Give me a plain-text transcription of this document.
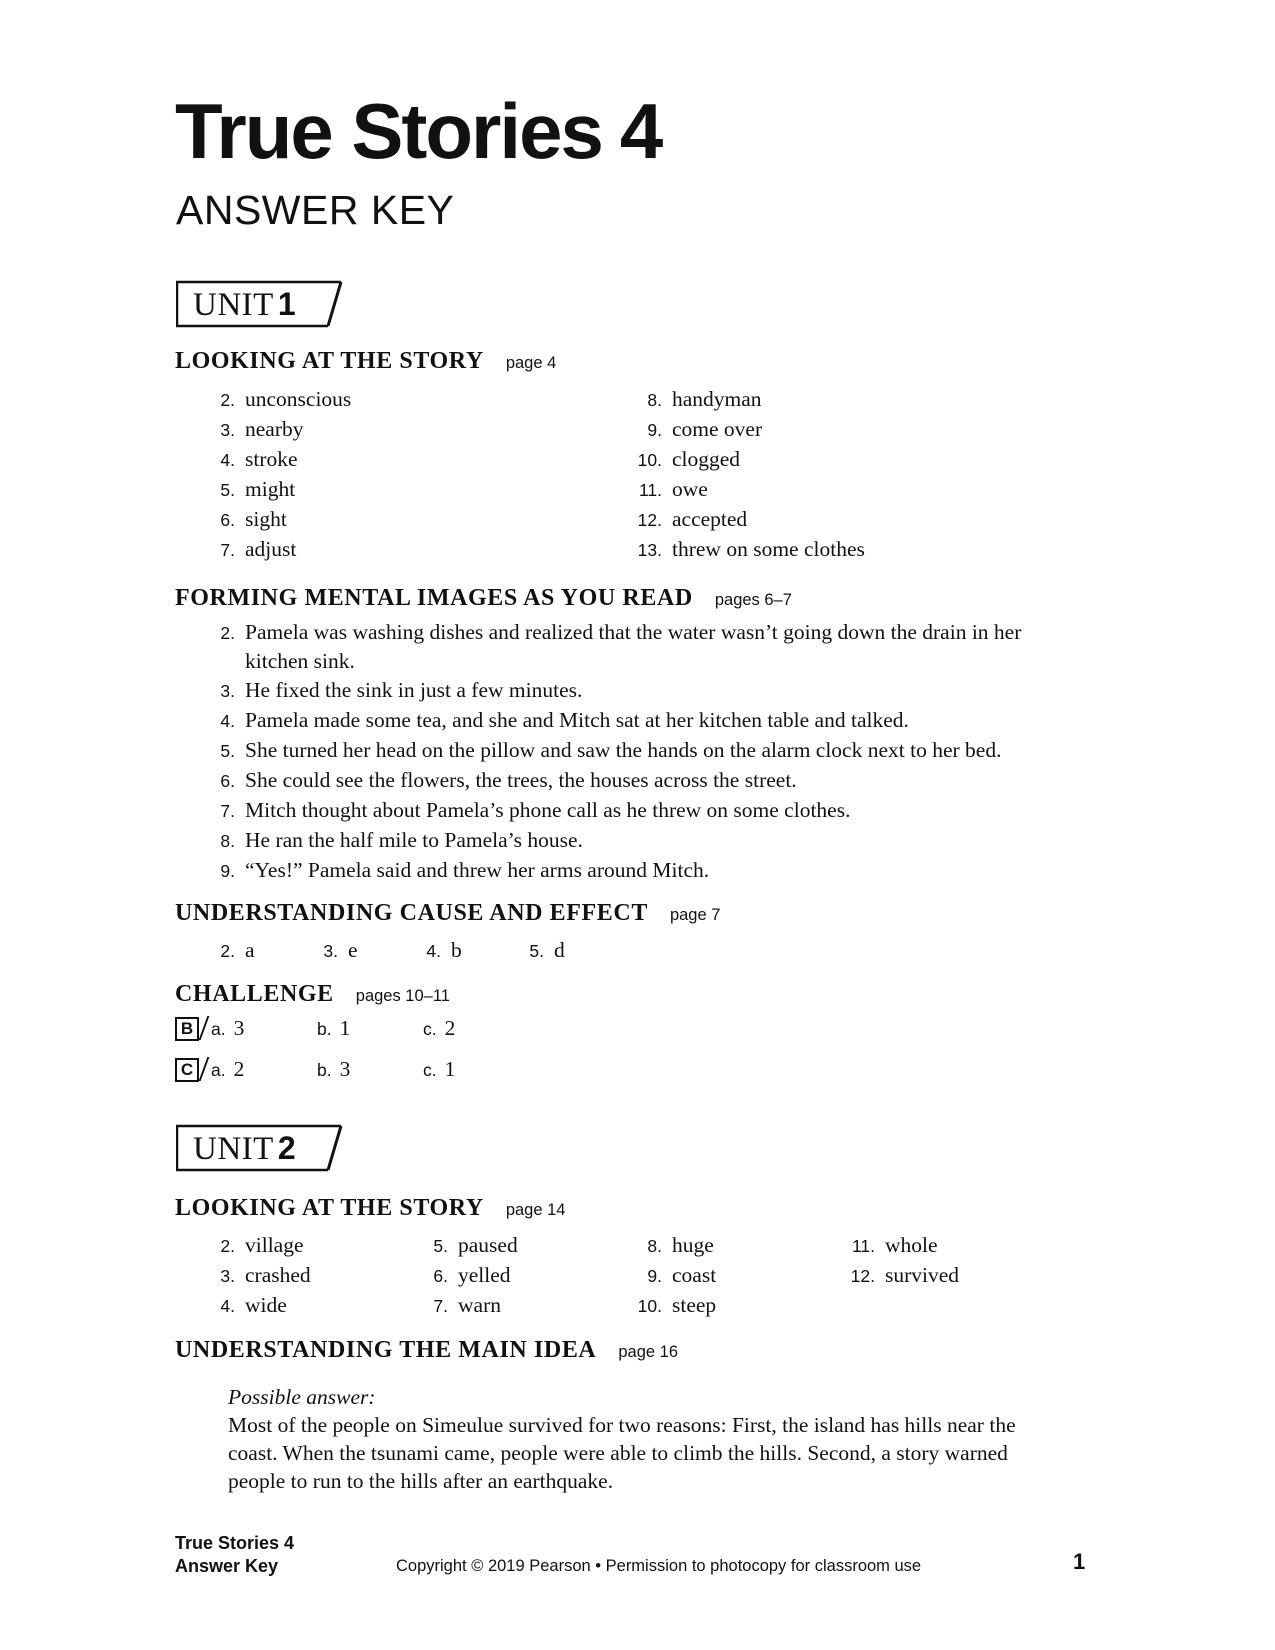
True Stories 4
ANSWER KEY
UNIT 1
LOOKING AT THE STORY page 4
2. unconscious
3. nearby
4. stroke
5. might
6. sight
7. adjust
8. handyman
9. come over
10. clogged
11. owe
12. accepted
13. threw on some clothes
FORMING MENTAL IMAGES AS YOU READ pages 6–7
2. Pamela was washing dishes and realized that the water wasn’t going down the drain in her kitchen sink.
3. He fixed the sink in just a few minutes.
4. Pamela made some tea, and she and Mitch sat at her kitchen table and talked.
5. She turned her head on the pillow and saw the hands on the alarm clock next to her bed.
6. She could see the flowers, the trees, the houses across the street.
7. Mitch thought about Pamela’s phone call as he threw on some clothes.
8. He ran the half mile to Pamela’s house.
9. “Yes!” Pamela said and threw her arms around Mitch.
UNDERSTANDING CAUSE AND EFFECT page 7
2. a	3. e	4. b	5. d
CHALLENGE pages 10–11
B a. 3	b. 1	c. 2
C a. 2	b. 3	c. 1
UNIT 2
LOOKING AT THE STORY page 14
2. village
3. crashed
4. wide
5. paused
6. yelled
7. warn
8. huge
9. coast
10. steep
11. whole
12. survived
UNDERSTANDING THE MAIN IDEA page 16
Possible answer:
Most of the people on Simeulue survived for two reasons: First, the island has hills near the coast. When the tsunami came, people were able to climb the hills. Second, a story warned people to run to the hills after an earthquake.
True Stories 4
Answer Key	Copyright © 2019 Pearson • Permission to photocopy for classroom use	1
